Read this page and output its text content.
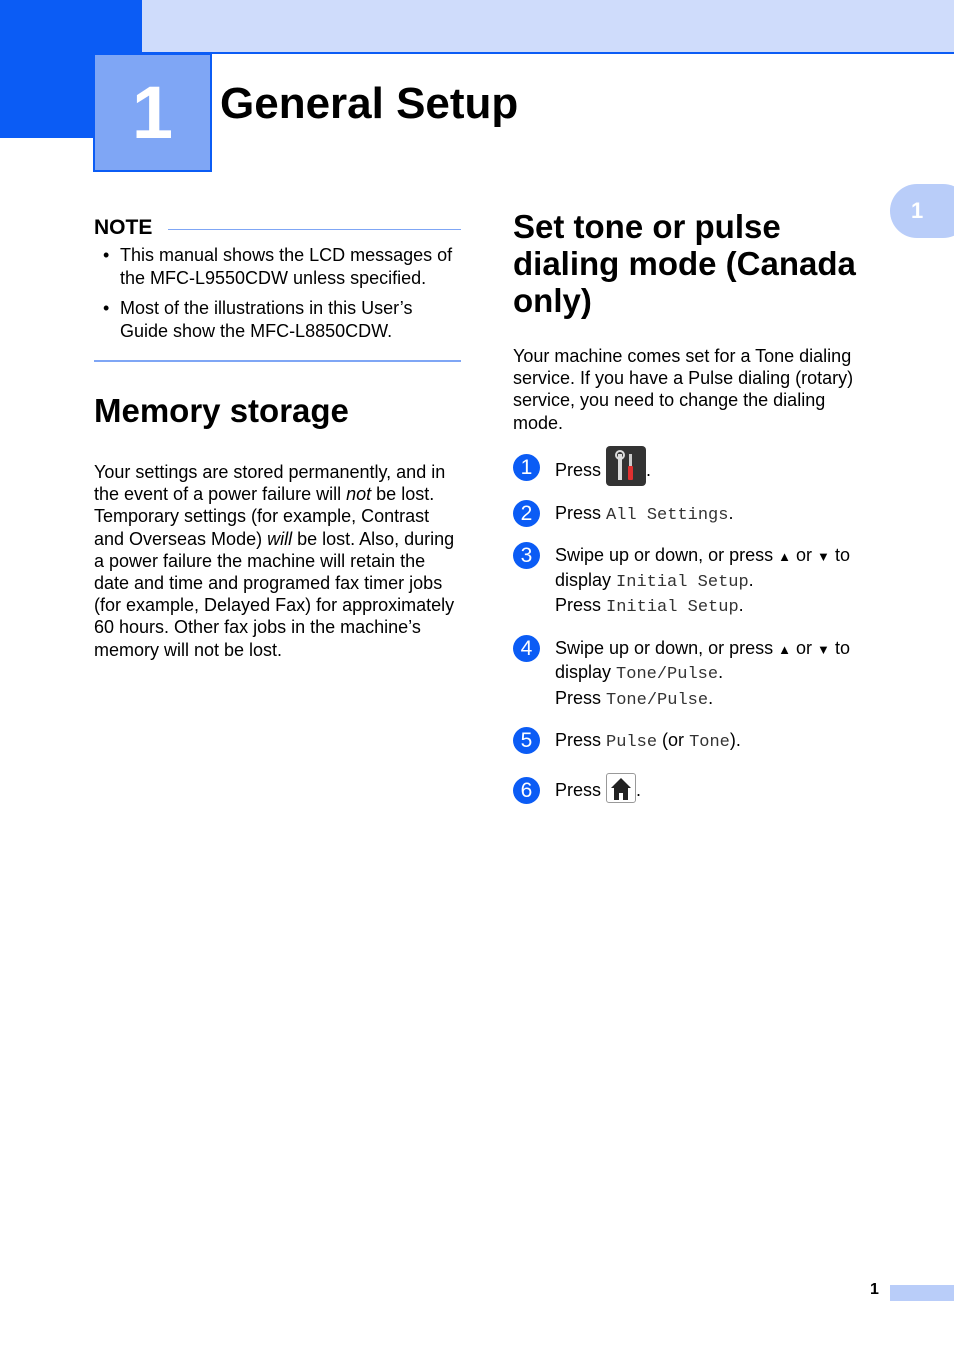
1 General Setup
1
NOTE
• This manual shows the LCD messages of the MFC-L9550CDW unless specified.
• Most of the illustrations in this User’s Guide show the MFC-L8850CDW.
Memory storage

Your settings are stored permanently, and in the event of a power failure will not be lost. Temporary settings (for example, Contrast and Overseas Mode) will be lost. Also, during a power failure the machine will retain the date and time and programed fax timer jobs (for example, Delayed Fax) for approximately 60 hours. Other fax jobs in the machine’s memory will not be lost.

Set tone or pulse dialing mode (Canada only)

Your machine comes set for a Tone dialing service. If you have a Pulse dialing (rotary) service, you need to change the dialing mode.

1	Press	.
2	Press All Settings.
3	Swipe up or down, or press ▲ or ▼ to
display Initial Setup.
Press Initial Setup.
4	Swipe up or down, or press ▲ or ▼ to
display Tone/Pulse.
Press Tone/Pulse.
5	Press Pulse (or Tone).
6	Press .
1
